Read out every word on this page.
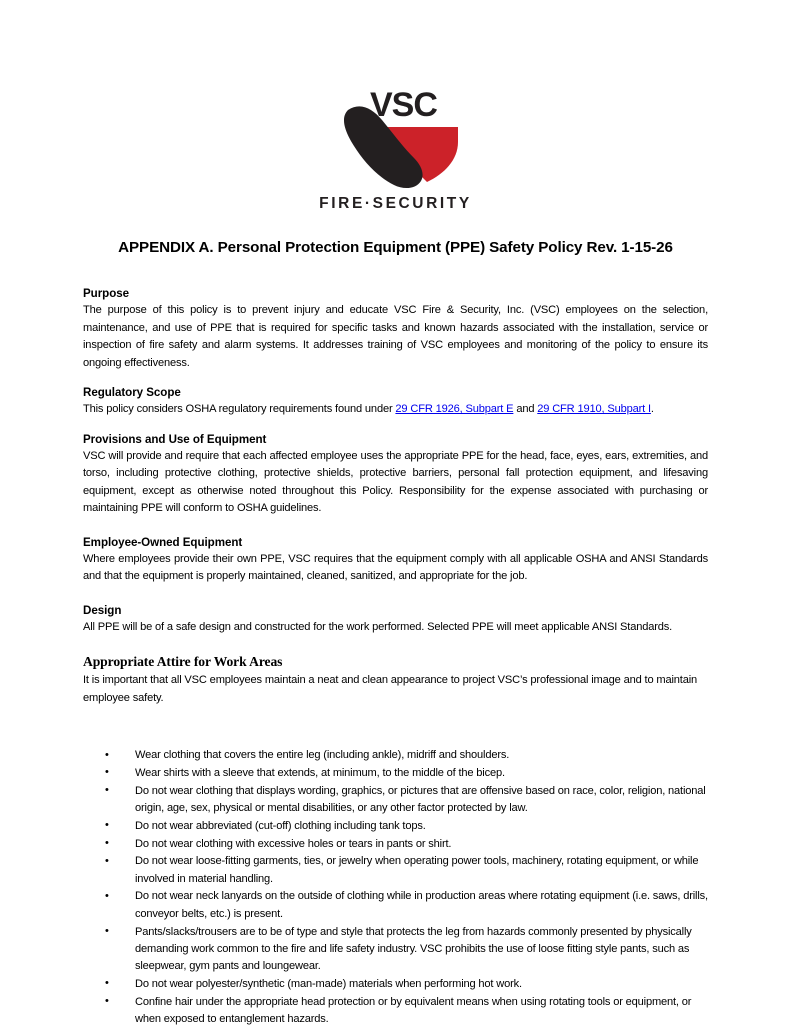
VSC
FIRE·SECURITY
APPENDIX A. Personal Protection Equipment (PPE) Safety Policy Rev. 1-15-26
Purpose

The purpose of this policy is to prevent injury and educate VSC Fire & Security, Inc. (VSC) employees on the selection, maintenance, and use of PPE that is required for specific tasks and known hazards associated with the installation, service or inspection of fire safety and alarm systems. It addresses training of VSC employees and monitoring of the policy to ensure its ongoing effectiveness.

Regulatory Scope

This policy considers OSHA regulatory requirements found under 29 CFR 1926, Subpart E and 29 CFR 1910, Subpart I.

Provisions and Use of Equipment

VSC will provide and require that each affected employee uses the appropriate PPE for the head, face, eyes, ears, extremities, and torso, including protective clothing, protective shields, protective barriers, personal fall protection equipment, and lifesaving equipment, except as otherwise noted throughout this Policy. Responsibility for the expense associated with purchasing or maintaining PPE will conform to OSHA guidelines.

Employee-Owned Equipment

Where employees provide their own PPE, VSC requires that the equipment comply with all applicable OSHA and ANSI Standards and that the equipment is properly maintained, cleaned, sanitized, and appropriate for the job.

Design

All PPE will be of a safe design and constructed for the work performed. Selected PPE will meet applicable ANSI Standards.

Appropriate Attire for Work Areas

It is important that all VSC employees maintain a neat and clean appearance to project VSC’s professional image and to maintain employee safety.

• Wear clothing that covers the entire leg (including ankle), midriff and shoulders.
• Wear shirts with a sleeve that extends, at minimum, to the middle of the bicep.
• Do not wear clothing that displays wording, graphics, or pictures that are offensive based on race, color, religion, national origin, age, sex, physical or mental disabilities, or any other factor protected by law.
• Do not wear abbreviated (cut-off) clothing including tank tops.
• Do not wear clothing with excessive holes or tears in pants or shirt.
• Do not wear loose-fitting garments, ties, or jewelry when operating power tools, machinery, rotating equipment, or while involved in material handling.
• Do not wear neck lanyards on the outside of clothing while in production areas where rotating equipment (i.e. saws, drills, conveyor belts, etc.) is present.
• Pants/slacks/trousers are to be of type and style that protects the leg from hazards commonly presented by physically demanding work common to the fire and life safety industry. VSC prohibits the use of loose fitting style pants, such as sleepwear, gym pants and loungewear.
• Do not wear polyester/synthetic (man-made) materials when performing hot work.
• Confine hair under the appropriate head protection or by equivalent means when using rotating tools or equipment, or when exposed to entanglement hazards.
